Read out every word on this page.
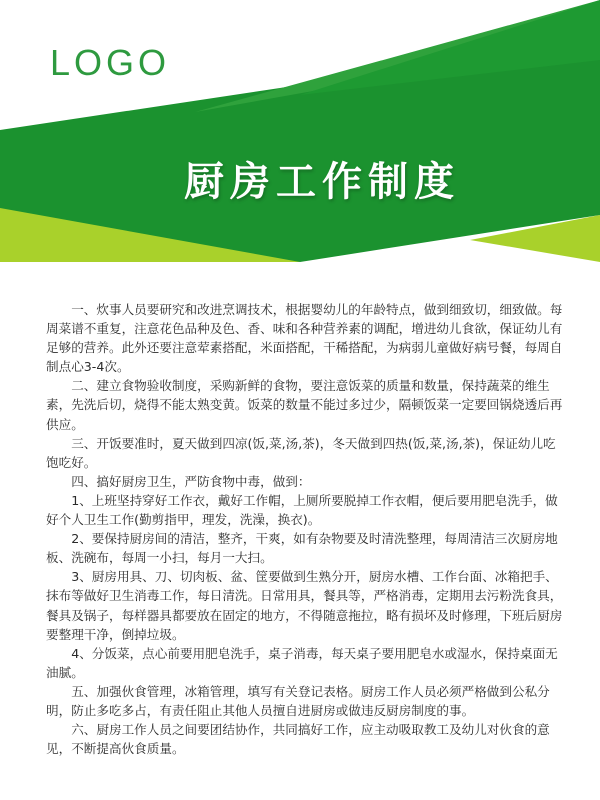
LOGO
厨房工作制度

一、炊事人员要研究和改进烹调技术，根据婴幼儿的年龄特点，做到细致切，细致做。每周菜谱不重复，注意花色品种及色、香、味和各种营养素的调配，增进幼儿食欲，保证幼儿有足够的营养。此外还要注意荤素搭配，米面搭配，干稀搭配，为病弱儿童做好病号餐，每周自制点心3-4次。

二、建立食物验收制度，采购新鲜的食物，要注意饭菜的质量和数量，保持蔬菜的维生素，先洗后切，烧得不能太熟变黄。饭菜的数量不能过多过少，隔顿饭菜一定要回锅烧透后再供应。

三、开饭要准时，夏天做到四凉(饭,菜,汤,茶)，冬天做到四热(饭,菜,汤,茶)，保证幼儿吃饱吃好。

四、搞好厨房卫生，严防食物中毒，做到：

1、上班坚持穿好工作衣，戴好工作帽，上厕所要脱掉工作衣帽，便后要用肥皂洗手，做好个人卫生工作(勤剪指甲，理发，洗澡，换衣)。

2、要保持厨房间的清洁，整齐，干爽，如有杂物要及时清洗整理，每周清洁三次厨房地板、洗碗布，每周一小扫，每月一大扫。

3、厨房用具、刀、切肉板、盆、筐要做到生熟分开，厨房水槽、工作台面、冰箱把手、抹布等做好卫生消毒工作，每日清洗。日常用具，餐具等，严格消毒，定期用去污粉洗食具，餐具及锅子，每样器具都要放在固定的地方，不得随意拖拉，略有损坏及时修理，下班后厨房要整理干净，倒掉垃圾。

4、分饭菜，点心前要用肥皂洗手，桌子消毒，每天桌子要用肥皂水或湿水，保持桌面无油腻。

五、加强伙食管理，冰箱管理，填写有关登记表格。厨房工作人员必须严格做到公私分明，防止多吃多占，有责任阻止其他人员擅自进厨房或做违反厨房制度的事。

六、厨房工作人员之间要团结协作，共同搞好工作，应主动吸取教工及幼儿对伙食的意见，不断提高伙食质量。
